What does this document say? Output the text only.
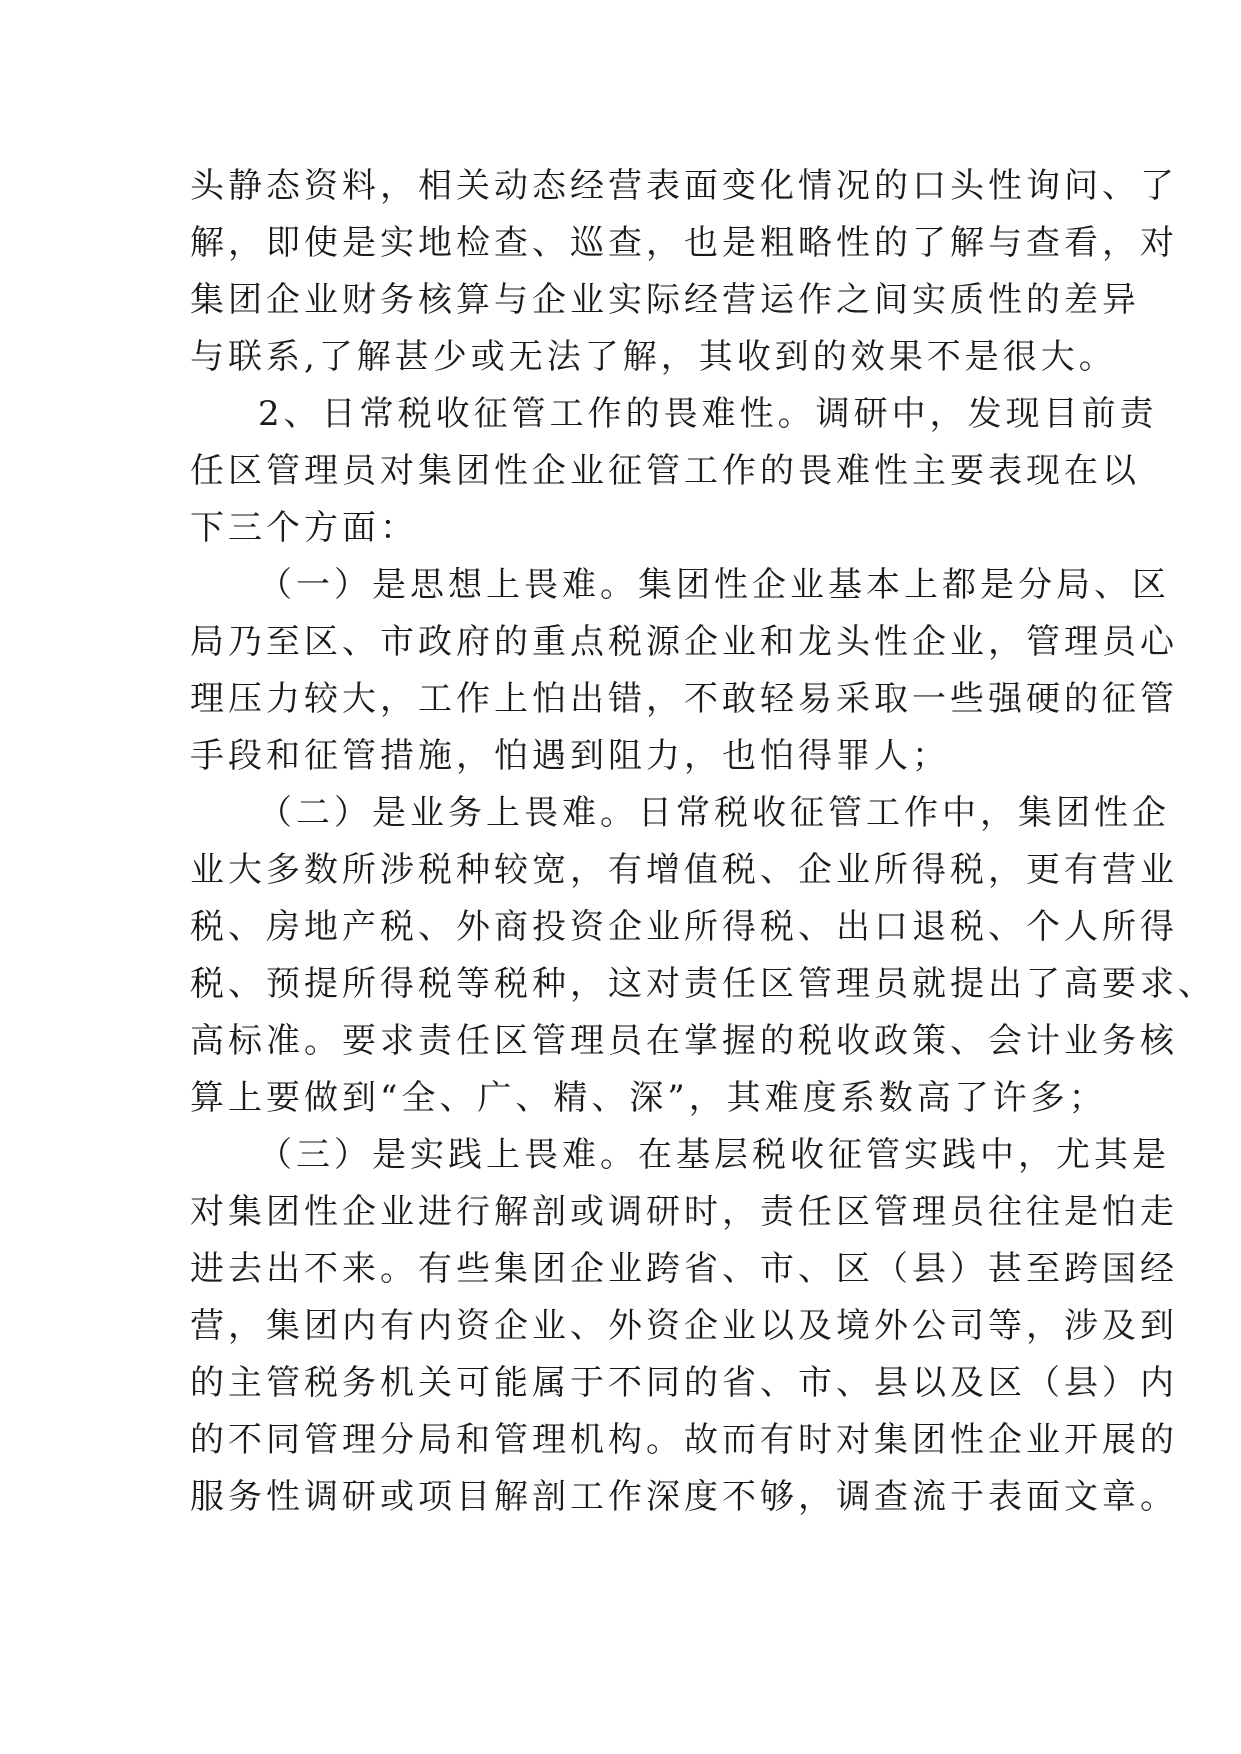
头静态资料，相关动态经营表面变化情况的口头性询问、了
解，即使是实地检查、巡查，也是粗略性的了解与查看，对
集团企业财务核算与企业实际经营运作之间实质性的差异
与联系,了解甚少或无法了解，其收到的效果不是很大。
2、日常税收征管工作的畏难性。调研中，发现目前责
任区管理员对集团性企业征管工作的畏难性主要表现在以
下三个方面：
（一）是思想上畏难。集团性企业基本上都是分局、区
局乃至区、市政府的重点税源企业和龙头性企业，管理员心
理压力较大，工作上怕出错，不敢轻易采取一些强硬的征管
手段和征管措施，怕遇到阻力，也怕得罪人；
（二）是业务上畏难。日常税收征管工作中，集团性企
业大多数所涉税种较宽，有增值税、企业所得税，更有营业
税、房地产税、外商投资企业所得税、出口退税、个人所得
税、预提所得税等税种，这对责任区管理员就提出了高要求、
高标准。要求责任区管理员在掌握的税收政策、会计业务核
算上要做到“全、广、精、深”，其难度系数高了许多；
（三）是实践上畏难。在基层税收征管实践中，尤其是
对集团性企业进行解剖或调研时，责任区管理员往往是怕走
进去出不来。有些集团企业跨省、市、区（县）甚至跨国经
营，集团内有内资企业、外资企业以及境外公司等，涉及到
的主管税务机关可能属于不同的省、市、县以及区（县）内
的不同管理分局和管理机构。故而有时对集团性企业开展的
服务性调研或项目解剖工作深度不够，调查流于表面文章。
